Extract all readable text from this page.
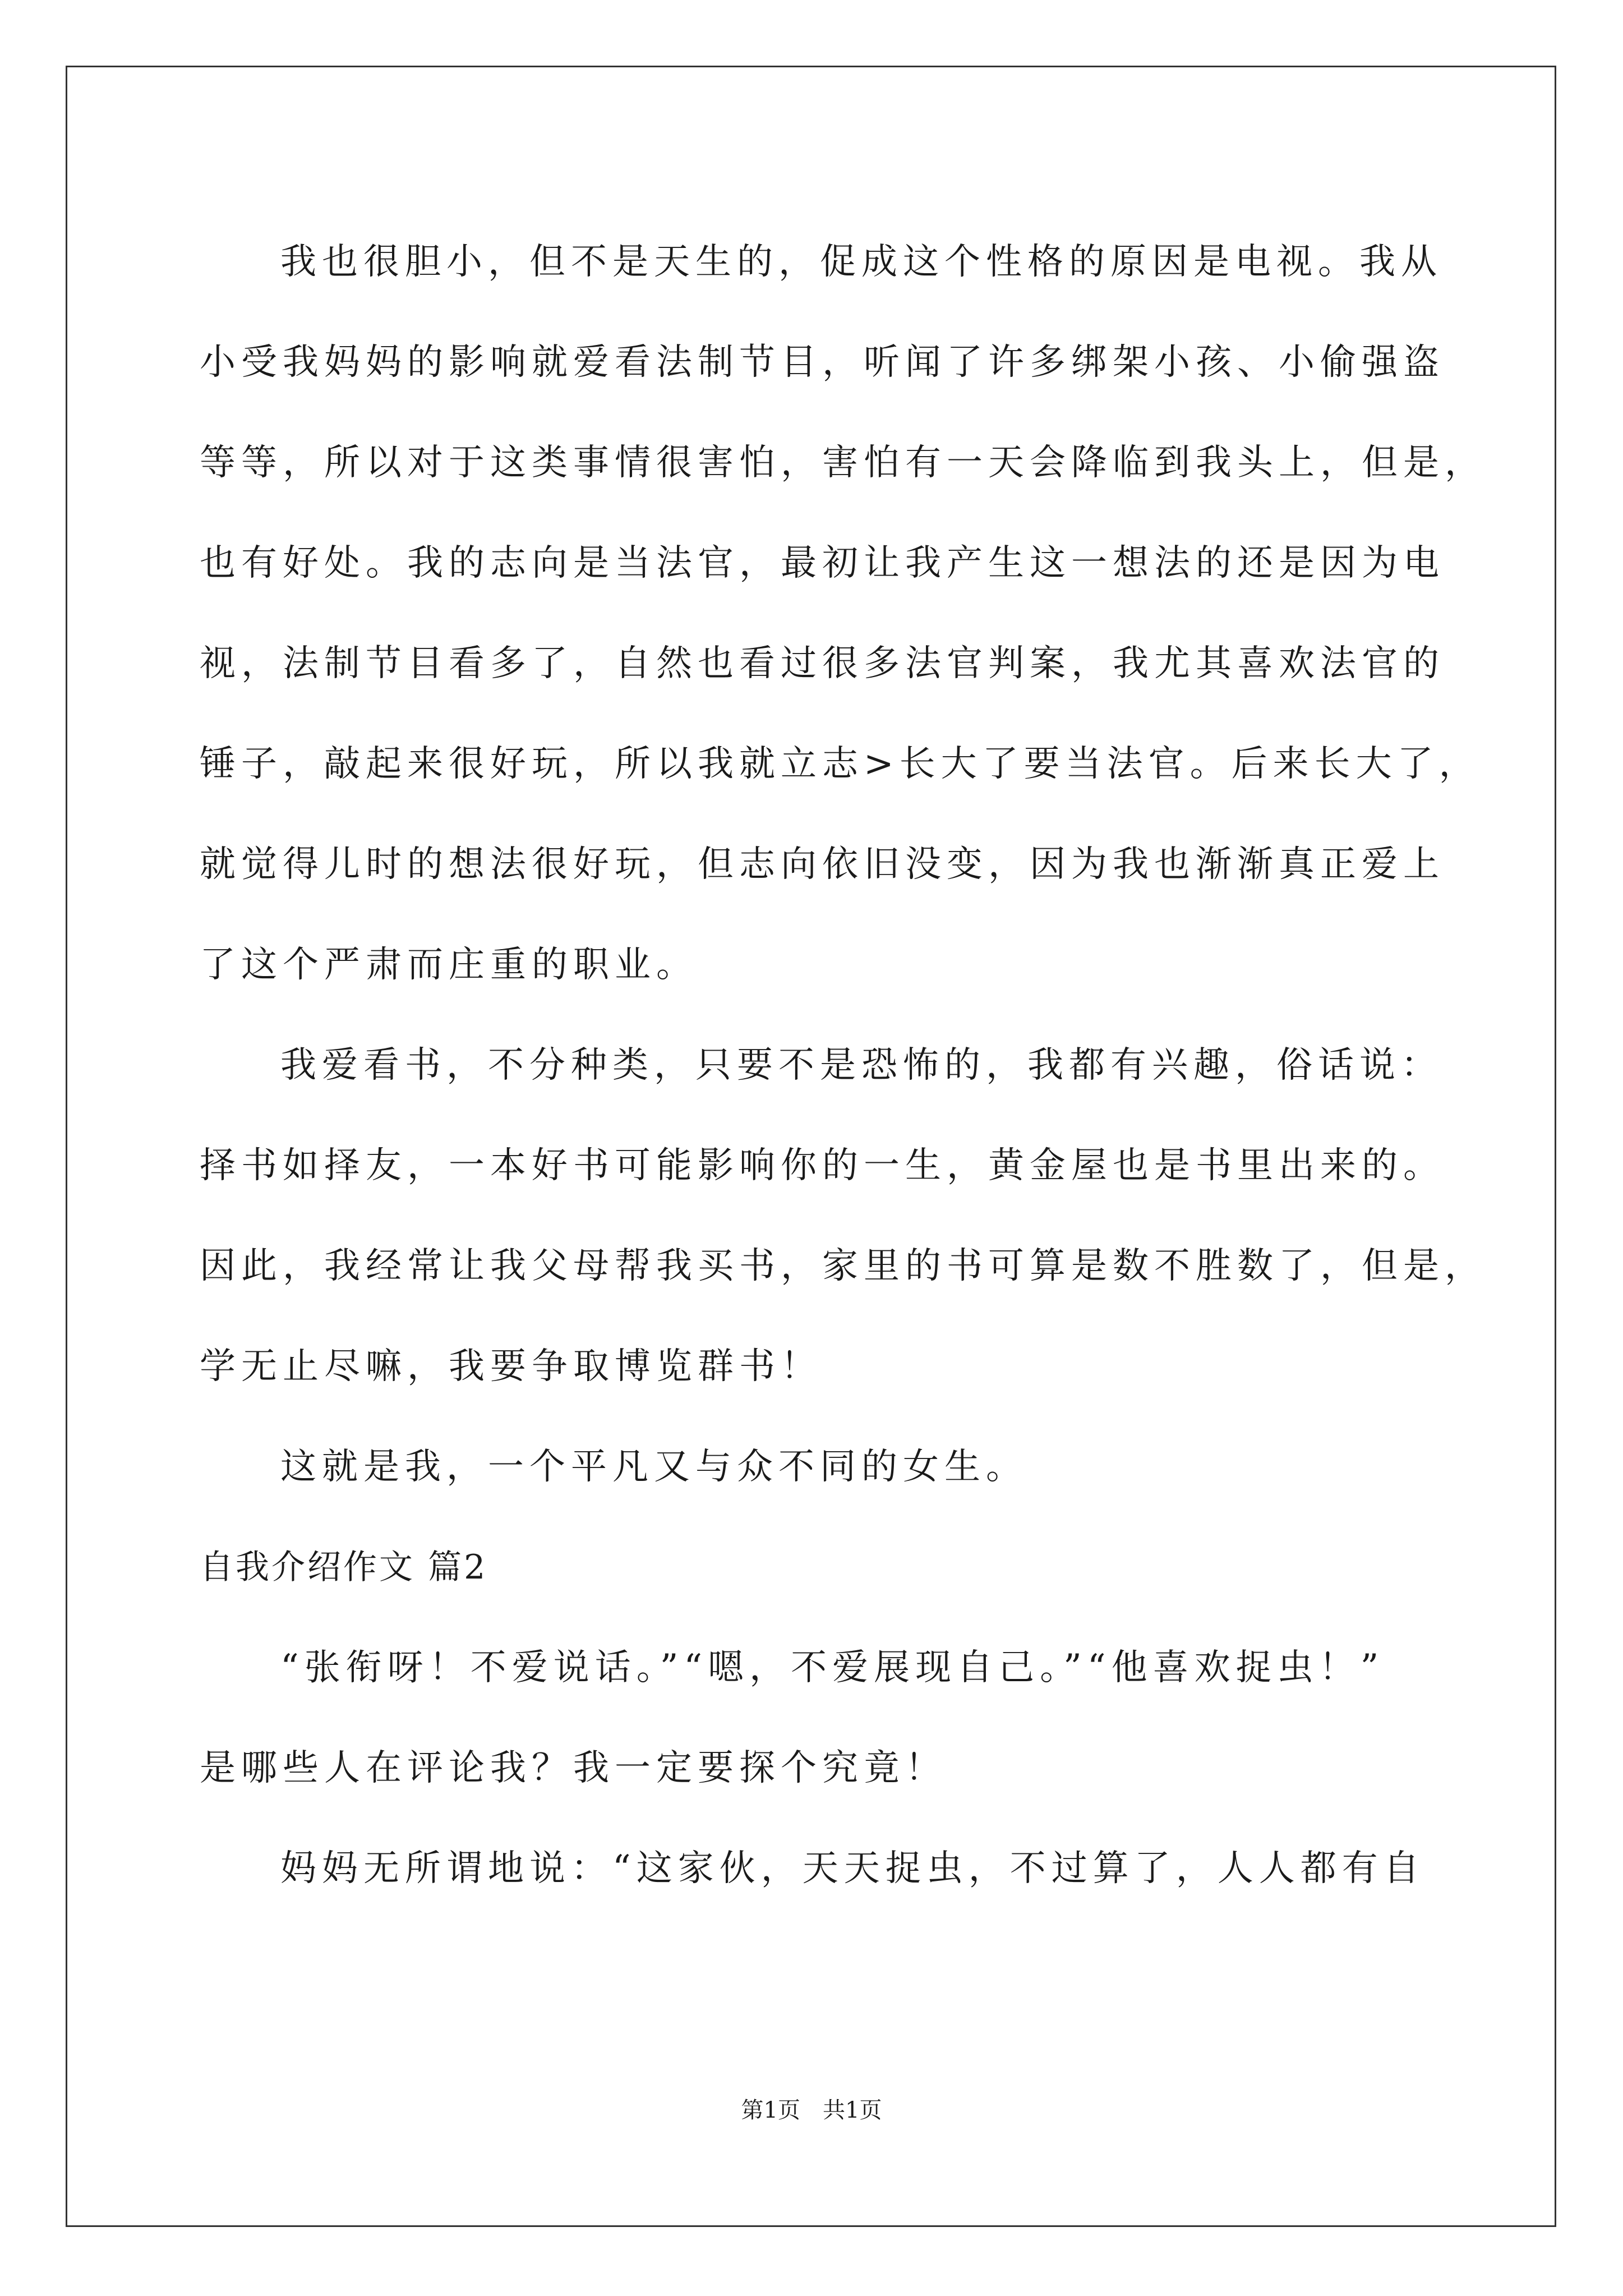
我也很胆小，但不是天生的，促成这个性格的原因是电视。我从
小受我妈妈的影响就爱看法制节目，听闻了许多绑架小孩、小偷强盗
等等，所以对于这类事情很害怕，害怕有一天会降临到我头上，但是，
也有好处。我的志向是当法官，最初让我产生这一想法的还是因为电
视，法制节目看多了，自然也看过很多法官判案，我尤其喜欢法官的
锤子，敲起来很好玩，所以我就立志>长大了要当法官。后来长大了，
就觉得儿时的想法很好玩，但志向依旧没变，因为我也渐渐真正爱上
了这个严肃而庄重的职业。
我爱看书，不分种类，只要不是恐怖的，我都有兴趣，俗话说：
择书如择友，一本好书可能影响你的一生，黄金屋也是书里出来的。
因此，我经常让我父母帮我买书，家里的书可算是数不胜数了，但是，
学无止尽嘛，我要争取博览群书！
这就是我，一个平凡又与众不同的女生。
自我介绍作文 篇2
“张衔呀！不爱说话。”“嗯，不爱展现自己。”“他喜欢捉虫！”
是哪些人在评论我？我一定要探个究竟！
妈妈无所谓地说：“这家伙，天天捉虫，不过算了，人人都有自
第1页　共1页
